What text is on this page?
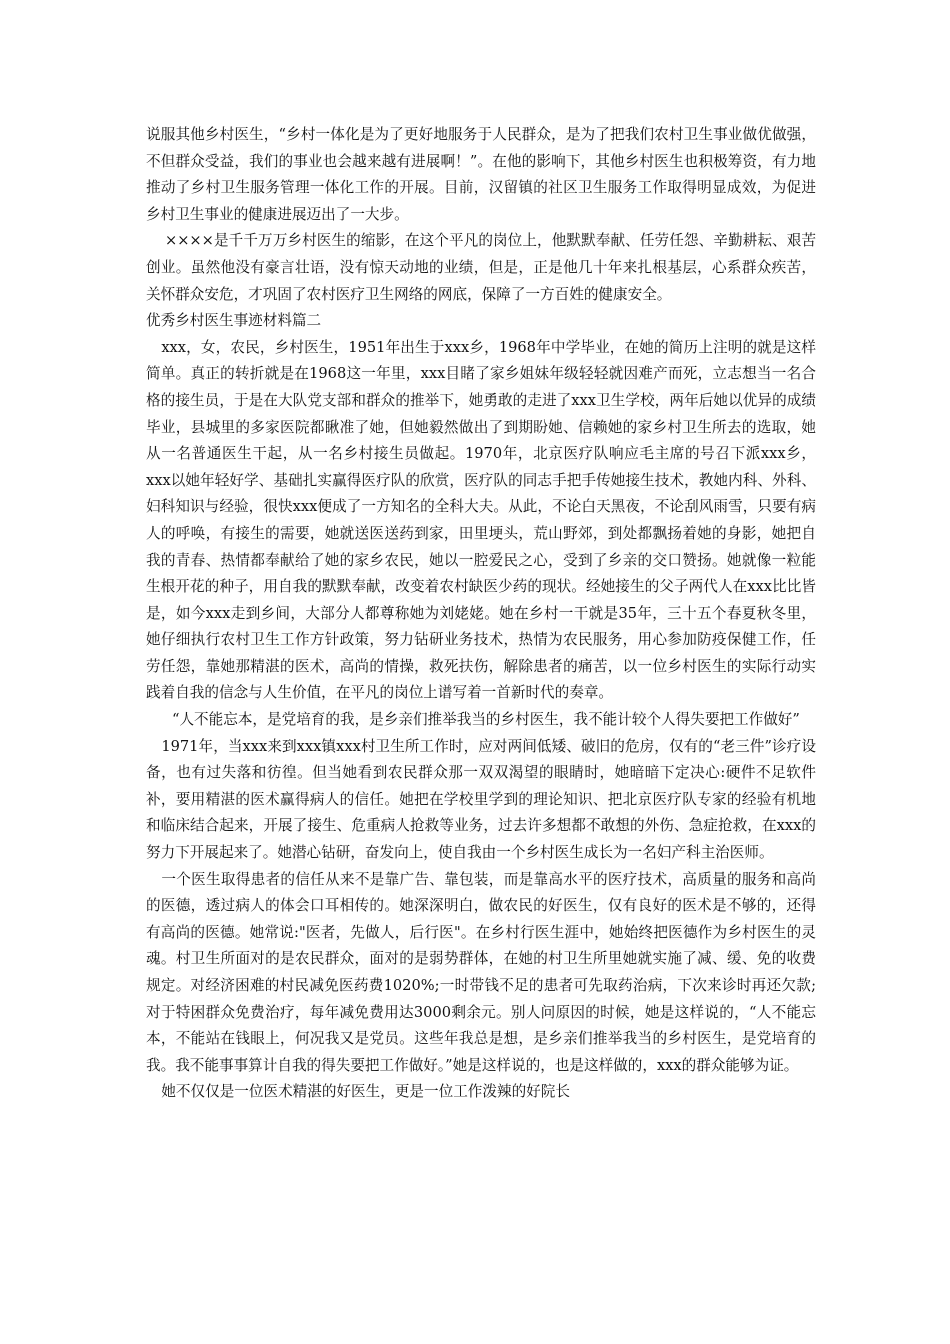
说服其他乡村医生，“乡村一体化是为了更好地服务于人民群众，是为了把我们农村卫生事业做优做强，不但群众受益，我们的事业也会越来越有进展啊！”。在他的影响下，其他乡村医生也积极筹资，有力地推动了乡村卫生服务管理一体化工作的开展。目前，汉留镇的社区卫生服务工作取得明显成效，为促进乡村卫生事业的健康进展迈出了一大步。

××××是千千万万乡村医生的缩影，在这个平凡的岗位上，他默默奉献、任劳任怨、辛勤耕耘、艰苦创业。虽然他没有豪言壮语，没有惊天动地的业绩，但是，正是他几十年来扎根基层，心系群众疾苦，关怀群众安危，才巩固了农村医疗卫生网络的网底，保障了一方百姓的健康安全。

优秀乡村医生事迹材料篇二

xxx，女，农民，乡村医生，1951年出生于xxx乡，1968年中学毕业，在她的简历上注明的就是这样简单。真正的转折就是在1968这一年里，xxx目睹了家乡姐妹年级轻轻就因难产而死，立志想当一名合格的接生员，于是在大队党支部和群众的推举下，她勇敢的走进了xxx卫生学校，两年后她以优异的成绩毕业，县城里的多家医院都瞅准了她，但她毅然做出了到期盼她、信赖她的家乡村卫生所去的选取，她从一名普通医生干起，从一名乡村接生员做起。1970年，北京医疗队响应毛主席的号召下派xxx乡，xxx以她年轻好学、基础扎实赢得医疗队的欣赏，医疗队的同志手把手传她接生技术，教她内科、外科、妇科知识与经验，很快xxx便成了一方知名的全科大夫。从此，不论白天黑夜，不论刮风雨雪，只要有病人的呼唤，有接生的需要，她就送医送药到家，田里埂头，荒山野郊，到处都飘扬着她的身影，她把自我的青春、热情都奉献给了她的家乡农民，她以一腔爱民之心，受到了乡亲的交口赞扬。她就像一粒能生根开花的种子，用自我的默默奉献，改变着农村缺医少药的现状。经她接生的父子两代人在xxx比比皆是，如今xxx走到乡间，大部分人都尊称她为刘姥姥。她在乡村一干就是35年，三十五个春夏秋冬里，她仔细执行农村卫生工作方针政策，努力钻研业务技术，热情为农民服务，用心参加防疫保健工作，任劳任怨，靠她那精湛的医术，高尚的情操，救死扶伤，解除患者的痛苦，以一位乡村医生的实际行动实践着自我的信念与人生价值，在平凡的岗位上谱写着一首新时代的奏章。

“人不能忘本，是党培育的我，是乡亲们推举我当的乡村医生，我不能计较个人得失要把工作做好”

1971年，当xxx来到xxx镇xxx村卫生所工作时，应对两间低矮、破旧的危房，仅有的“老三件”诊疗设备，也有过失落和彷徨。但当她看到农民群众那一双双渴望的眼睛时，她暗暗下定决心:硬件不足软件补，要用精湛的医术赢得病人的信任。她把在学校里学到的理论知识、把北京医疗队专家的经验有机地和临床结合起来，开展了接生、危重病人抢救等业务，过去许多想都不敢想的外伤、急症抢救，在xxx的努力下开展起来了。她潜心钻研，奋发向上，使自我由一个乡村医生成长为一名妇产科主治医师。

一个医生取得患者的信任从来不是靠广告、靠包装，而是靠高水平的医疗技术，高质量的服务和高尚的医德，透过病人的体会口耳相传的。她深深明白，做农民的好医生，仅有良好的医术是不够的，还得有高尚的医德。她常说:"医者，先做人，后行医"。在乡村行医生涯中，她始终把医德作为乡村医生的灵魂。村卫生所面对的是农民群众，面对的是弱势群体，在她的村卫生所里她就实施了减、缓、免的收费规定。对经济困难的村民减免医药费1020%;一时带钱不足的患者可先取药治病，下次来诊时再还欠款;对于特困群众免费治疗，每年减免费用达3000剩余元。别人问原因的时候，她是这样说的，“人不能忘本，不能站在钱眼上，何况我又是党员。这些年我总是想，是乡亲们推举我当的乡村医生，是党培育的我。我不能事事算计自我的得失要把工作做好。”她是这样说的，也是这样做的，xxx的群众能够为证。

她不仅仅是一位医术精湛的好医生，更是一位工作泼辣的好院长
